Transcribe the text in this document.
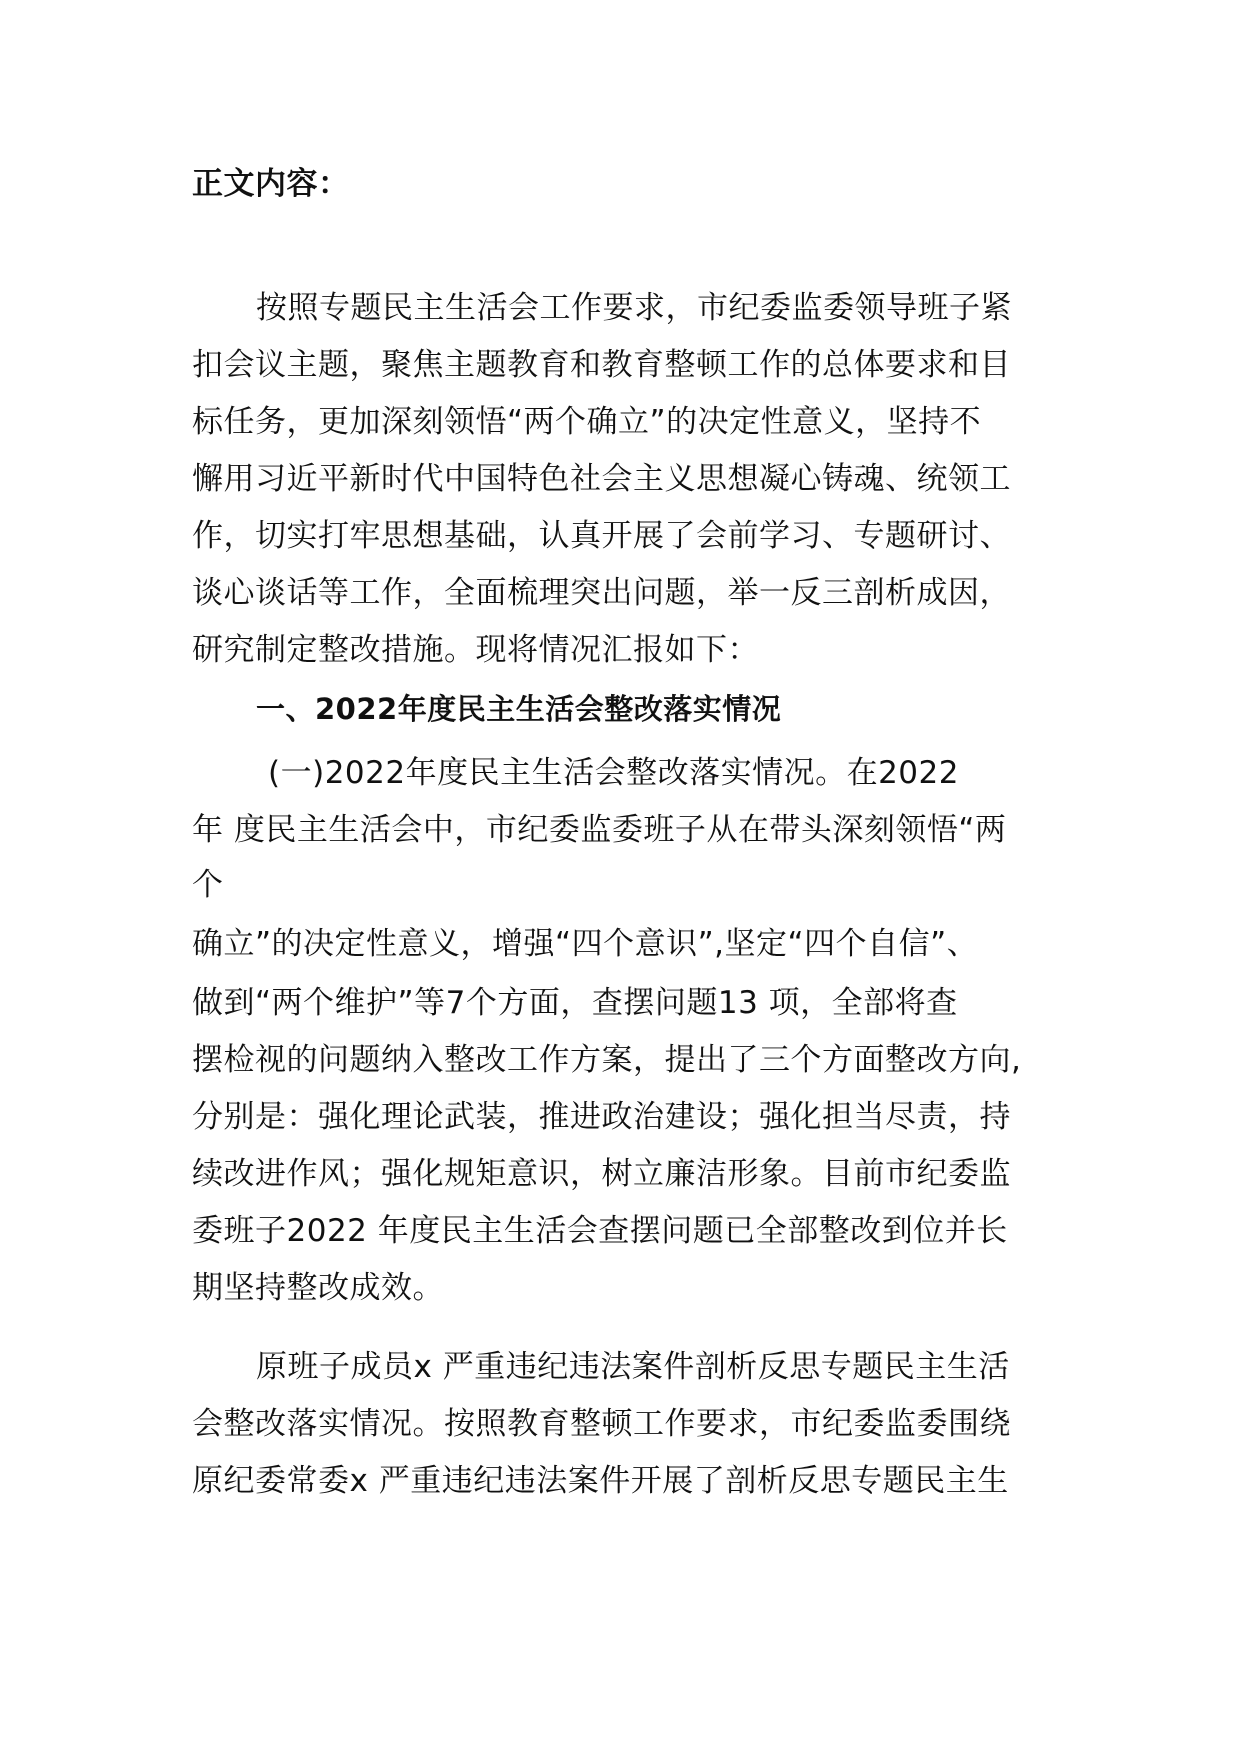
正文内容：
按照专题民主生活会工作要求，市纪委监委领导班子紧
扣会议主题，聚焦主题教育和教育整顿工作的总体要求和目
标任务，更加深刻领悟“两个确立”的决定性意义，坚持不
懈用习近平新时代中国特色社会主义思想凝心铸魂、统领工
作，切实打牢思想基础，认真开展了会前学习、专题研讨、
谈心谈话等工作，全面梳理突出问题，举一反三剖析成因，
研究制定整改措施。现将情况汇报如下：
一、2022年度民主生活会整改落实情况
(一)2022年度民主生活会整改落实情况。在2022
年 度民主生活会中，市纪委监委班子从在带头深刻领悟“两
个
确立”的决定性意义，增强“四个意识”,坚定“四个自信”、
做到“两个维护”等7个方面，查摆问题13 项，全部将查
摆检视的问题纳入整改工作方案，提出了三个方面整改方向,
分别是：强化理论武装，推进政治建设；强化担当尽责，持
续改进作风；强化规矩意识，树立廉洁形象。目前市纪委监
委班子2022 年度民主生活会查摆问题已全部整改到位并长
期坚持整改成效。
原班子成员x 严重违纪违法案件剖析反思专题民主生活
会整改落实情况。按照教育整顿工作要求，市纪委监委围绕
原纪委常委x 严重违纪违法案件开展了剖析反思专题民主生
